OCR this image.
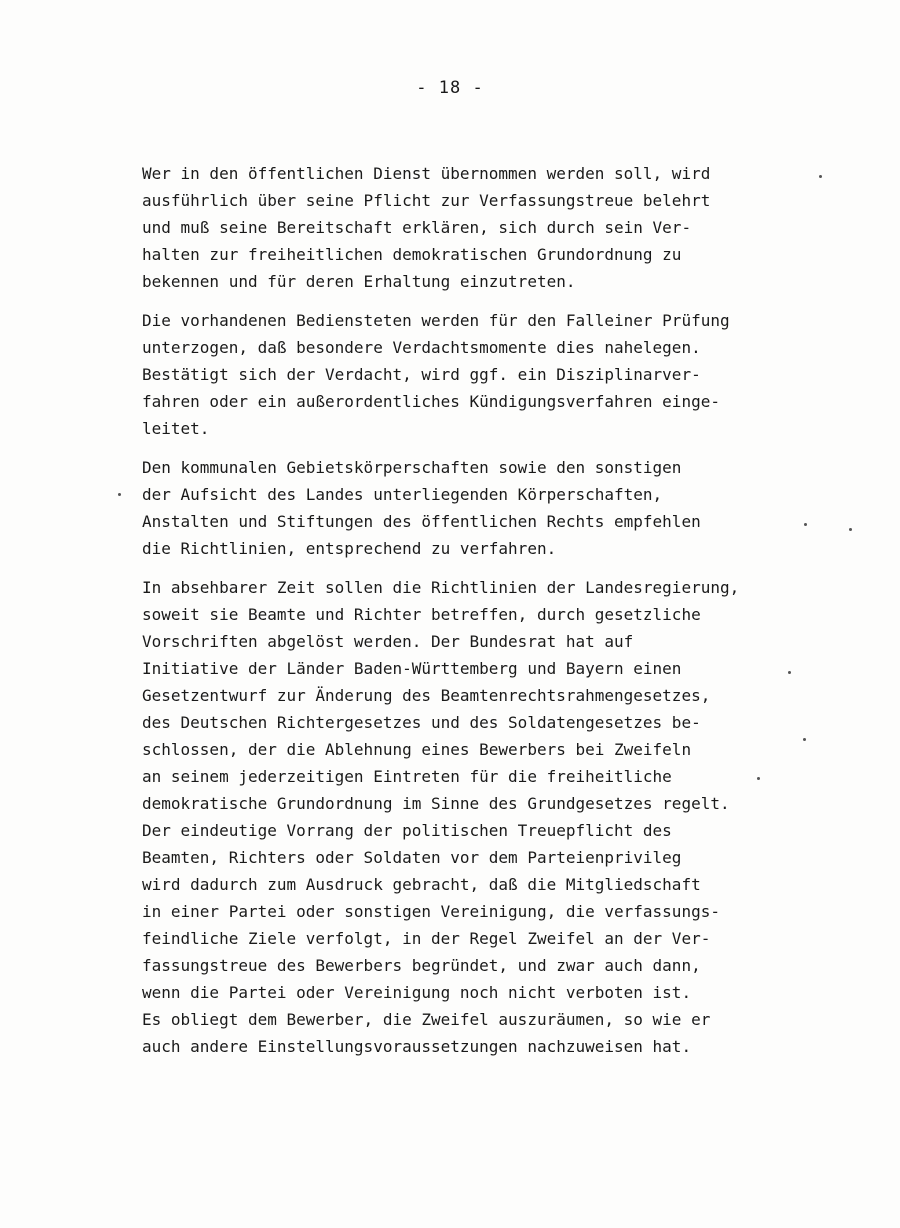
- 18 -
Wer in den öffentlichen Dienst übernommen werden soll, wird
ausführlich über seine Pflicht zur Verfassungstreue belehrt
und muß seine Bereitschaft erklären, sich durch sein Ver-
halten zur freiheitlichen demokratischen Grundordnung zu
bekennen und für deren Erhaltung einzutreten.
Die vorhandenen Bediensteten werden für den Falleiner Prüfung
unterzogen, daß besondere Verdachtsmomente dies nahelegen.
Bestätigt sich der Verdacht, wird ggf. ein Disziplinarver-
fahren oder ein außerordentliches Kündigungsverfahren einge-
leitet.
Den kommunalen Gebietskörperschaften sowie den sonstigen
der Aufsicht des Landes unterliegenden Körperschaften,
Anstalten und Stiftungen des öffentlichen Rechts empfehlen
die Richtlinien, entsprechend zu verfahren.
In absehbarer Zeit sollen die Richtlinien der Landesregierung,
soweit sie Beamte und Richter betreffen, durch gesetzliche
Vorschriften abgelöst werden. Der Bundesrat hat auf
Initiative der Länder Baden-Württemberg und Bayern einen
Gesetzentwurf zur Änderung des Beamtenrechtsrahmengesetzes,
des Deutschen Richtergesetzes und des Soldatengesetzes be-
schlossen, der die Ablehnung eines Bewerbers bei Zweifeln
an seinem jederzeitigen Eintreten für die freiheitliche
demokratische Grundordnung im Sinne des Grundgesetzes regelt.
Der eindeutige Vorrang der politischen Treuepflicht des
Beamten, Richters oder Soldaten vor dem Parteienprivileg
wird dadurch zum Ausdruck gebracht, daß die Mitgliedschaft
in einer Partei oder sonstigen Vereinigung, die verfassungs-
feindliche Ziele verfolgt, in der Regel Zweifel an der Ver-
fassungstreue des Bewerbers begründet, und zwar auch dann,
wenn die Partei oder Vereinigung noch nicht verboten ist.
Es obliegt dem Bewerber, die Zweifel auszuräumen, so wie er
auch andere Einstellungsvoraussetzungen nachzuweisen hat.
